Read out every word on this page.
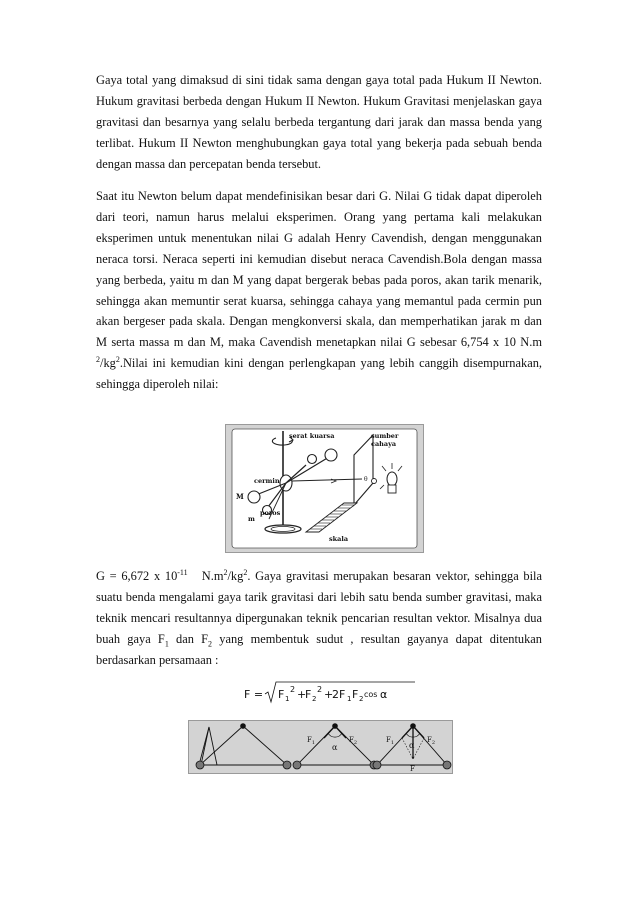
Gaya total yang dimaksud di sini tidak sama dengan gaya total pada Hukum II Newton. Hukum gravitasi berbeda dengan Hukum II Newton. Hukum Gravitasi menjelaskan gaya gravitasi dan besarnya yang selalu berbeda tergantung dari jarak dan massa benda yang terlibat. Hukum II Newton menghubungkan gaya total yang bekerja pada sebuah benda dengan massa dan percepatan benda tersebut.

Saat itu Newton belum dapat mendefinisikan besar dari G. Nilai G tidak dapat diperoleh dari teori, namun harus melalui eksperimen. Orang yang pertama kali melakukan eksperimen untuk menentukan nilai G adalah Henry Cavendish, dengan menggunakan neraca torsi. Neraca seperti ini kemudian disebut neraca Cavendish.Bola dengan massa yang berbeda, yaitu m dan M yang dapat bergerak bebas pada poros, akan tarik menarik, sehingga akan memuntir serat kuarsa, sehingga cahaya yang memantul pada cermin pun akan bergeser pada skala. Dengan mengkonversi skala, dan memperhatikan jarak m dan M serta massa m dan M, maka Cavendish menetapkan nilai G sebesar 6,754 x 10 N.m $^2/kg^2.Nilai$ ini kemudian kini dengan perlengkapan yang lebih canggih disempurnakan, sehingga diperoleh nilai:

serat kuarsa	sumber
cahaya
cermin
M
poros
m
skala
θ

G = 6,672 x $10^{-11}$   $N.m^2/kg^2$. Gaya gravitasi merupakan besaran vektor, sehingga bila suatu benda mengalami gaya tarik gravitasi dari lebih satu benda sumber gravitasi, maka teknik mencari resultannya dipergunakan teknik pencarian resultan vektor. Misalnya dua buah gaya $F_1$ dan $F_2$ yang membentuk sudut , resultan gayanya dapat ditentukan berdasarkan persamaan :

F = F 1
2 +
F 2
2 +
2F 1 F 2 cos α
$F_1$	$F_2$
α
$F_1$	$F_2$
α
F
